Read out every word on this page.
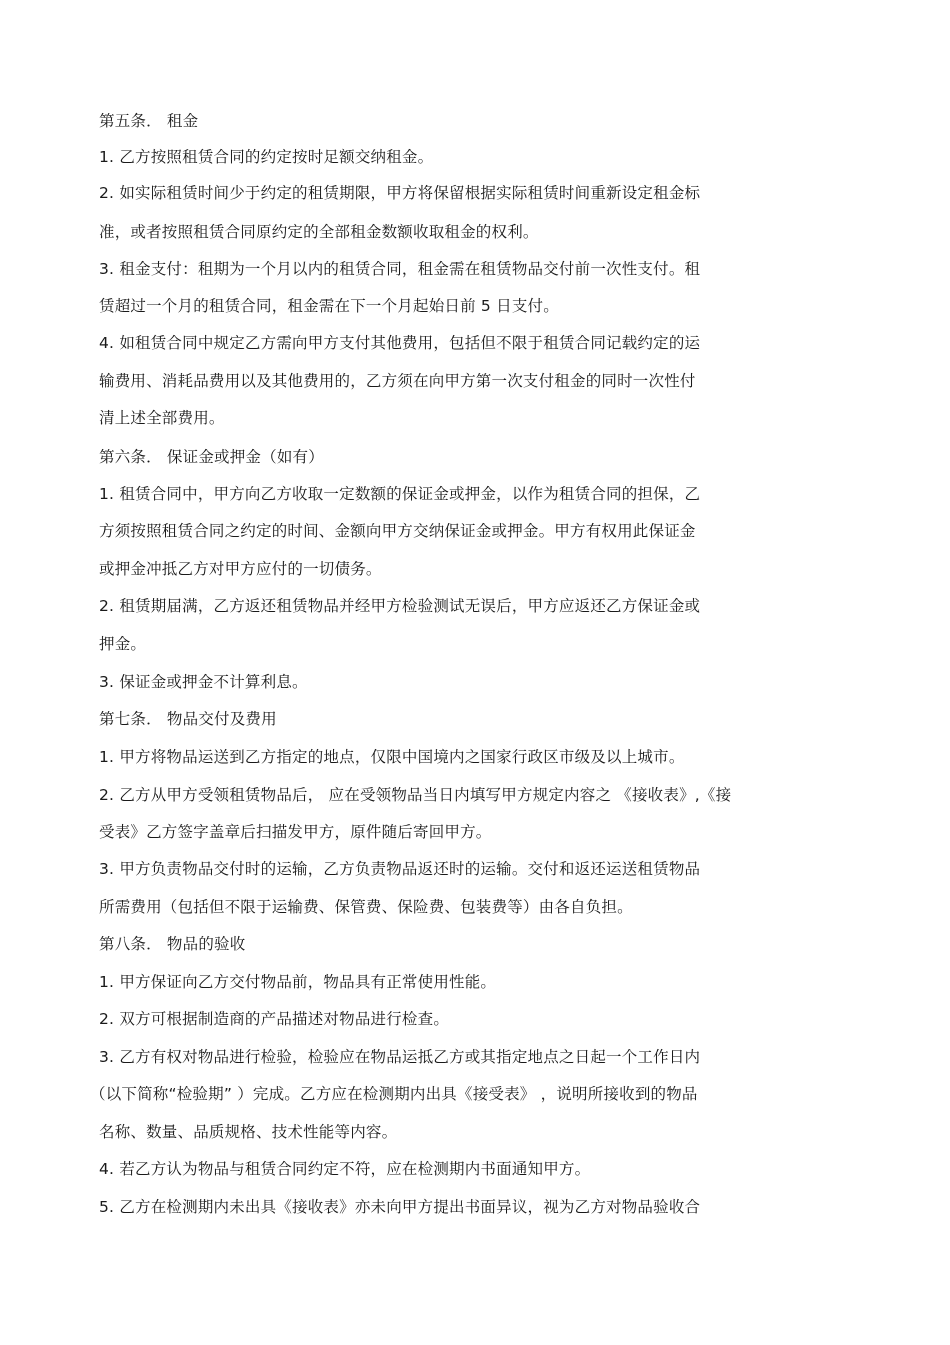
第五条． 租金
1. 乙方按照租赁合同的约定按时足额交纳租金。
2. 如实际租赁时间少于约定的租赁期限，甲方将保留根据实际租赁时间重新设定租金标
准，或者按照租赁合同原约定的全部租金数额收取租金的权利。
3. 租金支付：租期为一个月以内的租赁合同，租金需在租赁物品交付前一次性支付。租
赁超过一个月的租赁合同，租金需在下一个月起始日前 5 日支付。
4. 如租赁合同中规定乙方需向甲方支付其他费用，包括但不限于租赁合同记载约定的运
输费用、消耗品费用以及其他费用的，乙方须在向甲方第一次支付租金的同时一次性付
清上述全部费用。
第六条． 保证金或押金（如有）
1. 租赁合同中，甲方向乙方收取一定数额的保证金或押金，以作为租赁合同的担保，乙
方须按照租赁合同之约定的时间、金额向甲方交纳保证金或押金。甲方有权用此保证金
或押金冲抵乙方对甲方应付的一切债务。
2. 租赁期届满，乙方返还租赁物品并经甲方检验测试无误后，甲方应返还乙方保证金或
押金。
3. 保证金或押金不计算利息。
第七条． 物品交付及费用
1. 甲方将物品运送到乙方指定的地点，仅限中国境内之国家行政区市级及以上城市。
2. 乙方从甲方受领租赁物品后， 应在受领物品当日内填写甲方规定内容之 《接收表》,《接
受表》乙方签字盖章后扫描发甲方，原件随后寄回甲方。
3. 甲方负责物品交付时的运输，乙方负责物品返还时的运输。交付和返还运送租赁物品
所需费用（包括但不限于运输费、保管费、保险费、包装费等）由各自负担。
第八条． 物品的验收
1. 甲方保证向乙方交付物品前，物品具有正常使用性能。
2. 双方可根据制造商的产品描述对物品进行检查。
3. 乙方有权对物品进行检验，检验应在物品运抵乙方或其指定地点之日起一个工作日内
（以下简称“检验期” ）完成。乙方应在检测期内出具《接受表》 ，说明所接收到的物品
名称、数量、品质规格、技术性能等内容。
4. 若乙方认为物品与租赁合同约定不符，应在检测期内书面通知甲方。
5. 乙方在检测期内未出具《接收表》亦未向甲方提出书面异议，视为乙方对物品验收合
